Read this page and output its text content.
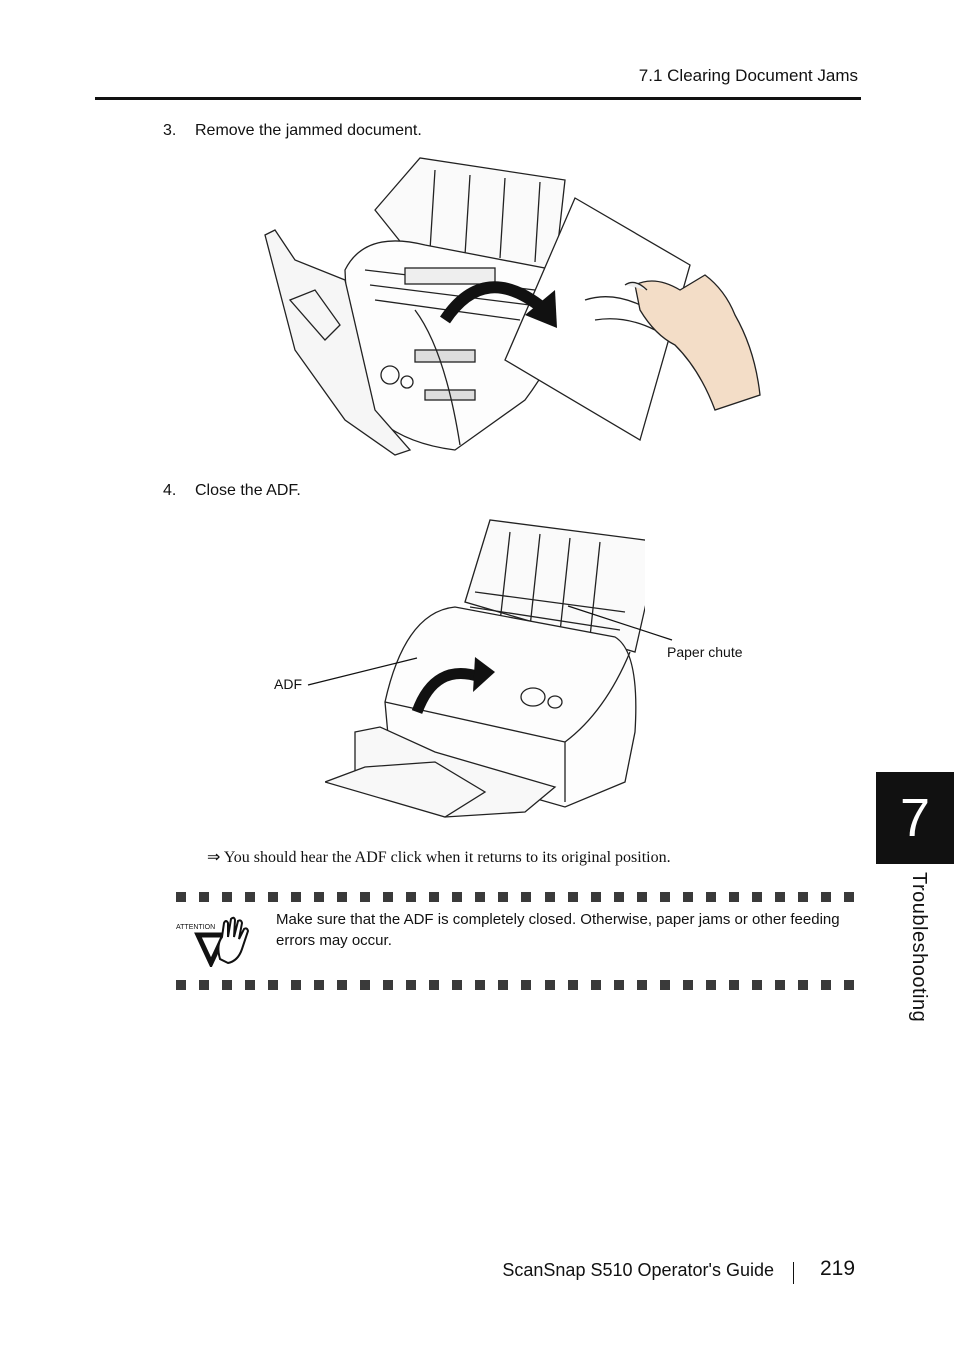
7.1 Clearing Document Jams
3. Remove the jammed document.
4. Close the ADF.
ADF
Paper chute
⇒ You should hear the ADF click when it returns to its original position.
ATTENTION	Make sure that the ADF is completely closed. Otherwise, paper jams or other feeding errors may occur.
7
Troubleshooting
ScanSnap S510 Operator's Guide 219
